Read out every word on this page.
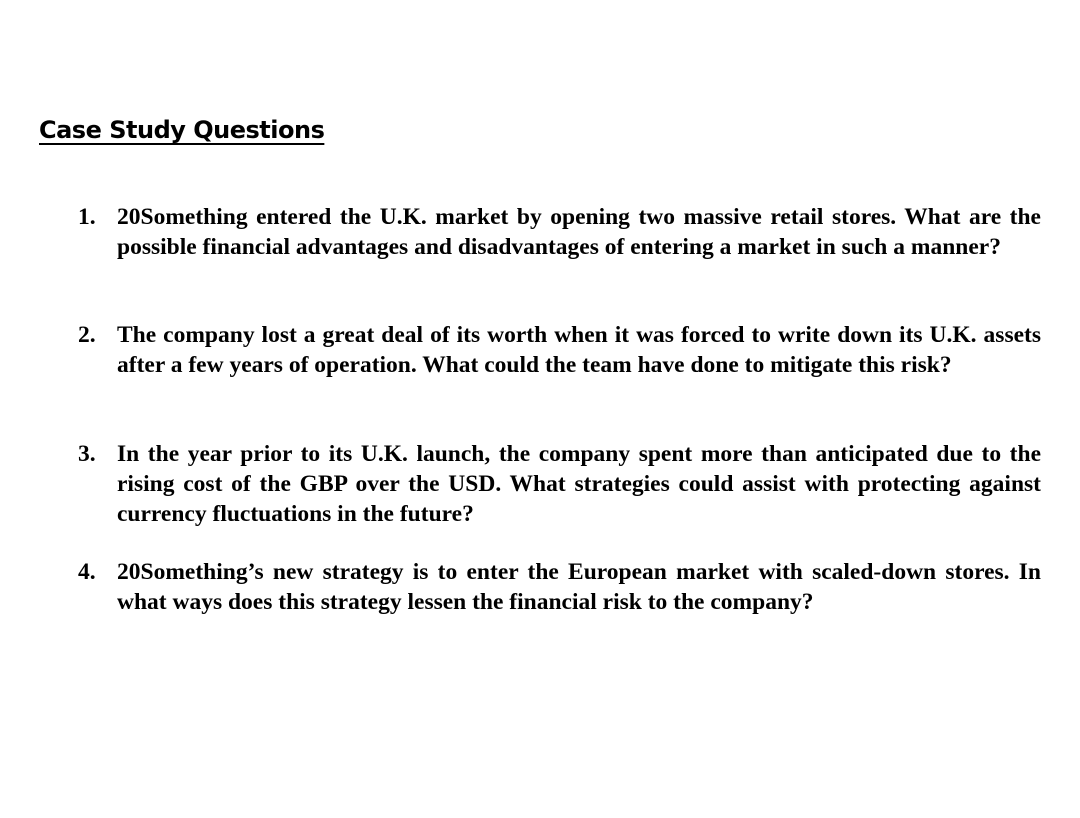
Case Study Questions
1. 20Something entered the U.K. market by opening two massive retail stores. What are the possible financial advantages and disadvantages of entering a market in such a manner?
2. The company lost a great deal of its worth when it was forced to write down its U.K. assets after a few years of operation. What could the team have done to mitigate this risk?
3. In the year prior to its U.K. launch, the company spent more than anticipated due to the rising cost of the GBP over the USD. What strategies could assist with protecting against currency fluctuations in the future?
4. 20Something’s new strategy is to enter the European market with scaled-down stores. In what ways does this strategy lessen the financial risk to the company?
